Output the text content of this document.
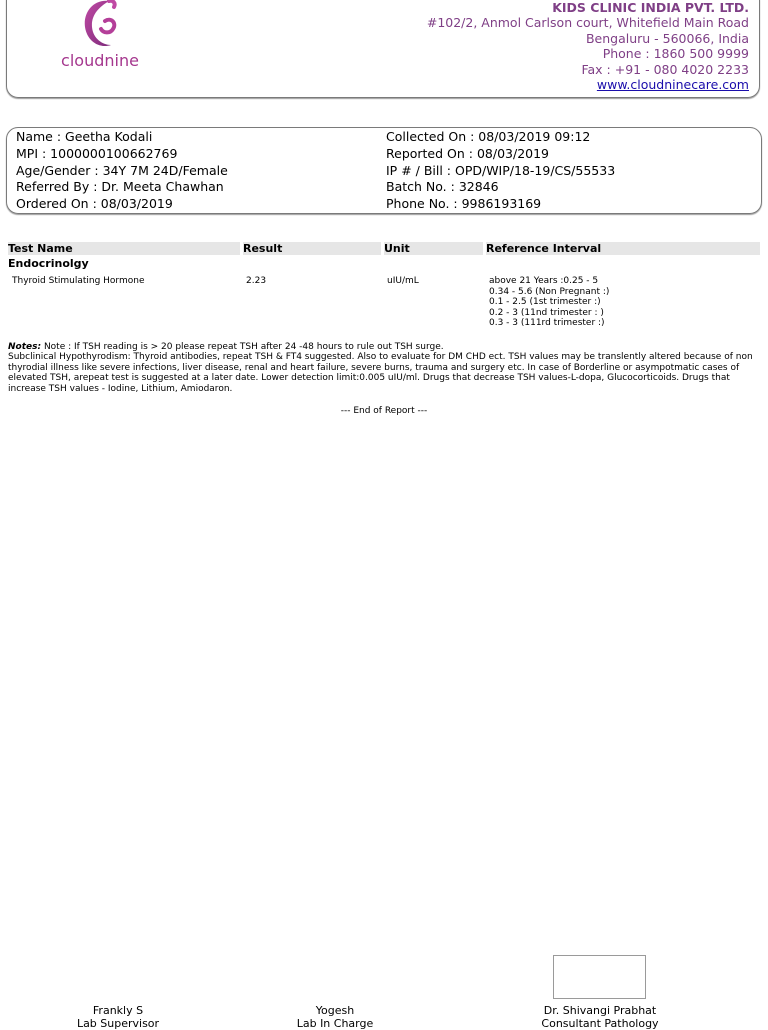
cloudnine
KIDS CLINIC INDIA PVT. LTD.
#102/2, Anmol Carlson court, Whitefield Main Road
Bengaluru - 560066, India
Phone : 1860 500 9999
Fax : +91 - 080 4020 2233
www.cloudninecare.com
Name : Geetha Kodali
MPI : 1000000100662769
Age/Gender : 34Y 7M 24D/Female
Referred By : Dr. Meeta Chawhan
Ordered On : 08/03/2019
Collected On : 08/03/2019 09:12
Reported On : 08/03/2019
IP # / Bill : OPD/WIP/18-19/CS/55533
Batch No. : 32846
Phone No. : 9986193169
Test Name	Result	Unit	Reference Interval
Endocrinolgy
Thyroid Stimulating Hormone	2.23	uIU/mL	above 21 Years :0.25 - 5
0.34 - 5.6 (Non Pregnant :)
0.1 - 2.5 (1st trimester :)
0.2 - 3 (11nd trimester : )
0.3 - 3 (111rd trimester :)
Notes: Note : If TSH reading is > 20 please repeat TSH after 24 -48 hours to rule out TSH surge.
Subclinical Hypothyrodism: Thyroid antibodies, repeat TSH & FT4 suggested. Also to evaluate for DM CHD ect. TSH values may be translently altered because of non thyrodial illness like severe infections, liver disease, renal and heart failure, severe burns, trauma and surgery etc. In case of Borderline or asympotmatic cases of elevated TSH, arepeat test is suggested at a later date. Lower detection limit:0.005 uIU/ml. Drugs that decrease TSH values-L-dopa, Glucocorticoids. Drugs that increase TSH values - Iodine, Lithium, Amiodaron.
--- End of Report ---
Frankly S
Lab Supervisor
Yogesh
Lab In Charge
Dr. Shivangi Prabhat
Consultant Pathology
